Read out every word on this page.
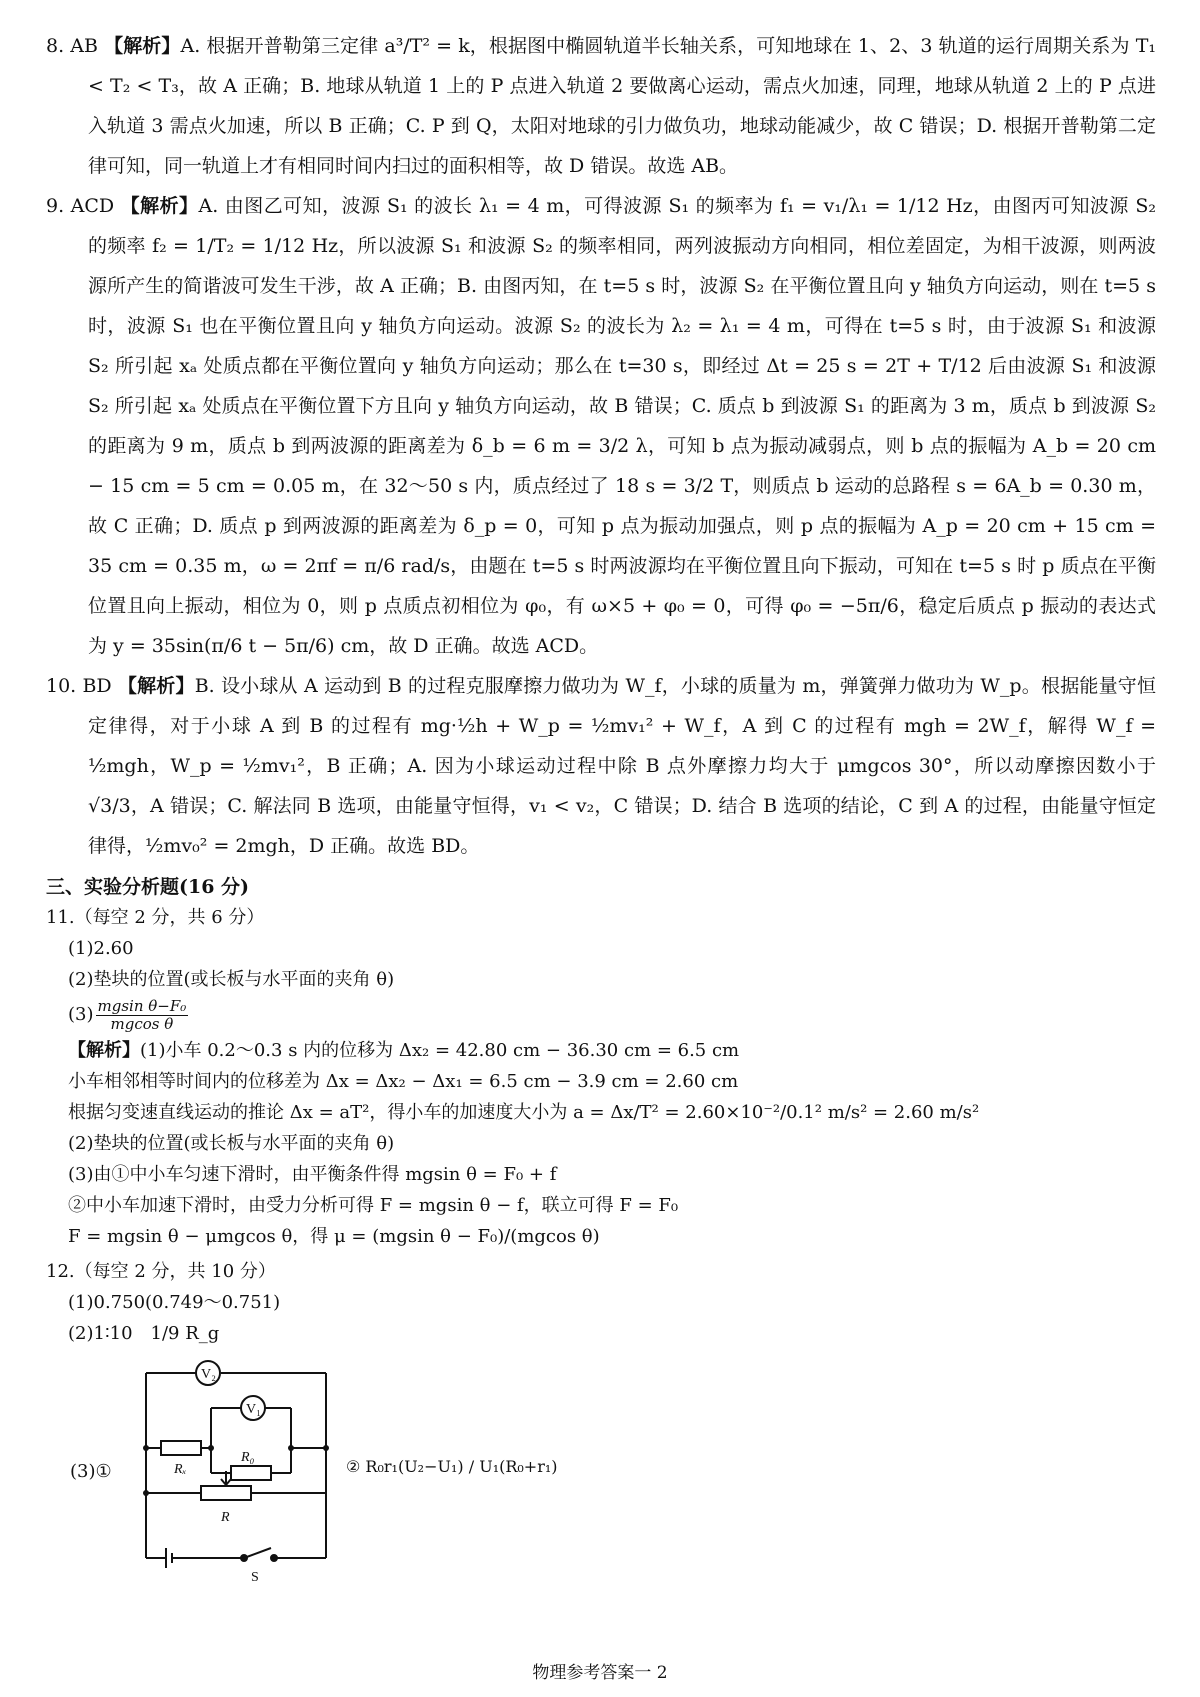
8. AB 【解析】A. 根据开普勒第三定律 a³/T² = k，根据图中椭圆轨道半长轴关系，可知地球在 1、2、3 轨道的运行周期关系为 T₁ < T₂ < T₃，故 A 正确；B. 地球从轨道 1 上的 P 点进入轨道 2 要做离心运动，需点火加速，同理，地球从轨道 2 上的 P 点进入轨道 3 需点火加速，所以 B 正确；C. P 到 Q，太阳对地球的引力做负功，地球动能减少，故 C 错误；D. 根据开普勒第二定律可知，同一轨道上才有相同时间内扫过的面积相等，故 D 错误。故选 AB。

9. ACD 【解析】A. 由图乙可知，波源 S₁ 的波长 λ₁ = 4 m，可得波源 S₁ 的频率为 f₁ = v₁/λ₁ = 1/12 Hz，由图丙可知波源 S₂ 的频率 f₂ = 1/T₂ = 1/12 Hz，所以波源 S₁ 和波源 S₂ 的频率相同，两列波振动方向相同，相位差固定，为相干波源，则两波源所产生的简谐波可发生干涉，故 A 正确；B. 由图丙知，在 t=5 s 时，波源 S₂ 在平衡位置且向 y 轴负方向运动，则在 t=5 s 时，波源 S₁ 也在平衡位置且向 y 轴负方向运动。波源 S₂ 的波长为 λ₂ = λ₁ = 4 m，可得在 t=5 s 时，由于波源 S₁ 和波源 S₂ 所引起 xₐ 处质点都在平衡位置向 y 轴负方向运动；那么在 t=30 s，即经过 Δt = 25 s = 2T + T/12 后由波源 S₁ 和波源 S₂ 所引起 xₐ 处质点在平衡位置下方且向 y 轴负方向运动，故 B 错误；C. 质点 b 到波源 S₁ 的距离为 3 m，质点 b 到波源 S₂ 的距离为 9 m，质点 b 到两波源的距离差为 δ_b = 6 m = 3/2 λ，可知 b 点为振动减弱点，则 b 点的振幅为 A_b = 20 cm − 15 cm = 5 cm = 0.05 m，在 32～50 s 内，质点经过了 18 s = 3/2 T，则质点 b 运动的总路程 s = 6A_b = 0.30 m，故 C 正确；D. 质点 p 到两波源的距离差为 δ_p = 0，可知 p 点为振动加强点，则 p 点的振幅为 A_p = 20 cm + 15 cm = 35 cm = 0.35 m，ω = 2πf = π/6 rad/s，由题在 t=5 s 时两波源均在平衡位置且向下振动，可知在 t=5 s 时 p 质点在平衡位置且向上振动，相位为 0，则 p 点质点初相位为 φ₀，有 ω×5 + φ₀ = 0，可得 φ₀ = −5π/6，稳定后质点 p 振动的表达式为 y = 35sin(π/6 t − 5π/6) cm，故 D 正确。故选 ACD。

10. BD 【解析】B. 设小球从 A 运动到 B 的过程克服摩擦力做功为 W_f，小球的质量为 m，弹簧弹力做功为 W_p。根据能量守恒定律得，对于小球 A 到 B 的过程有 mg·½h + W_p = ½mv₁² + W_f，A 到 C 的过程有 mgh = 2W_f，解得 W_f = ½mgh，W_p = ½mv₁²，B 正确；A. 因为小球运动过程中除 B 点外摩擦力均大于 μmgcos 30°，所以动摩擦因数小于 √3/3，A 错误；C. 解法同 B 选项，由能量守恒得，v₁ < v₂，C 错误；D. 结合 B 选项的结论，C 到 A 的过程，由能量守恒定律得，½mv₀² = 2mgh，D 正确。故选 BD。

三、实验分析题(16 分)

11.（每空 2 分，共 6 分）

(1)2.60

(2)垫块的位置(或长板与水平面的夹角 θ)

$(3) \frac{\text{mgsin θ−F₀}}{\text{mgcos θ}}$

【解析】(1)小车 0.2～0.3 s 内的位移为 Δx₂ = 42.80 cm − 36.30 cm = 6.5 cm

小车相邻相等时间内的位移差为 Δx = Δx₂ − Δx₁ = 6.5 cm − 3.9 cm = 2.60 cm

根据匀变速直线运动的推论 Δx = aT²，得小车的加速度大小为 a = Δx/T² = 2.60×10⁻²/0.1² m/s² = 2.60 m/s²

(2)垫块的位置(或长板与水平面的夹角 θ)

(3)由①中小车匀速下滑时，由平衡条件得 mgsin θ = F₀ + f

②中小车加速下滑时，由受力分析可得 F = mgsin θ − f，联立可得 F = F₀

F = mgsin θ − μmgcos θ，得 μ = (mgsin θ − F₀)/(mgcos θ)

12.（每空 2 分，共 10 分）

(1)0.750(0.749～0.751)

(2)1∶10　1/9 R_g

(3)①
V₂
V₁
Rₓ
R₀
R
S
② R₀r₁(U₂−U₁) / U₁(R₀+r₁)
物理参考答案一 2
